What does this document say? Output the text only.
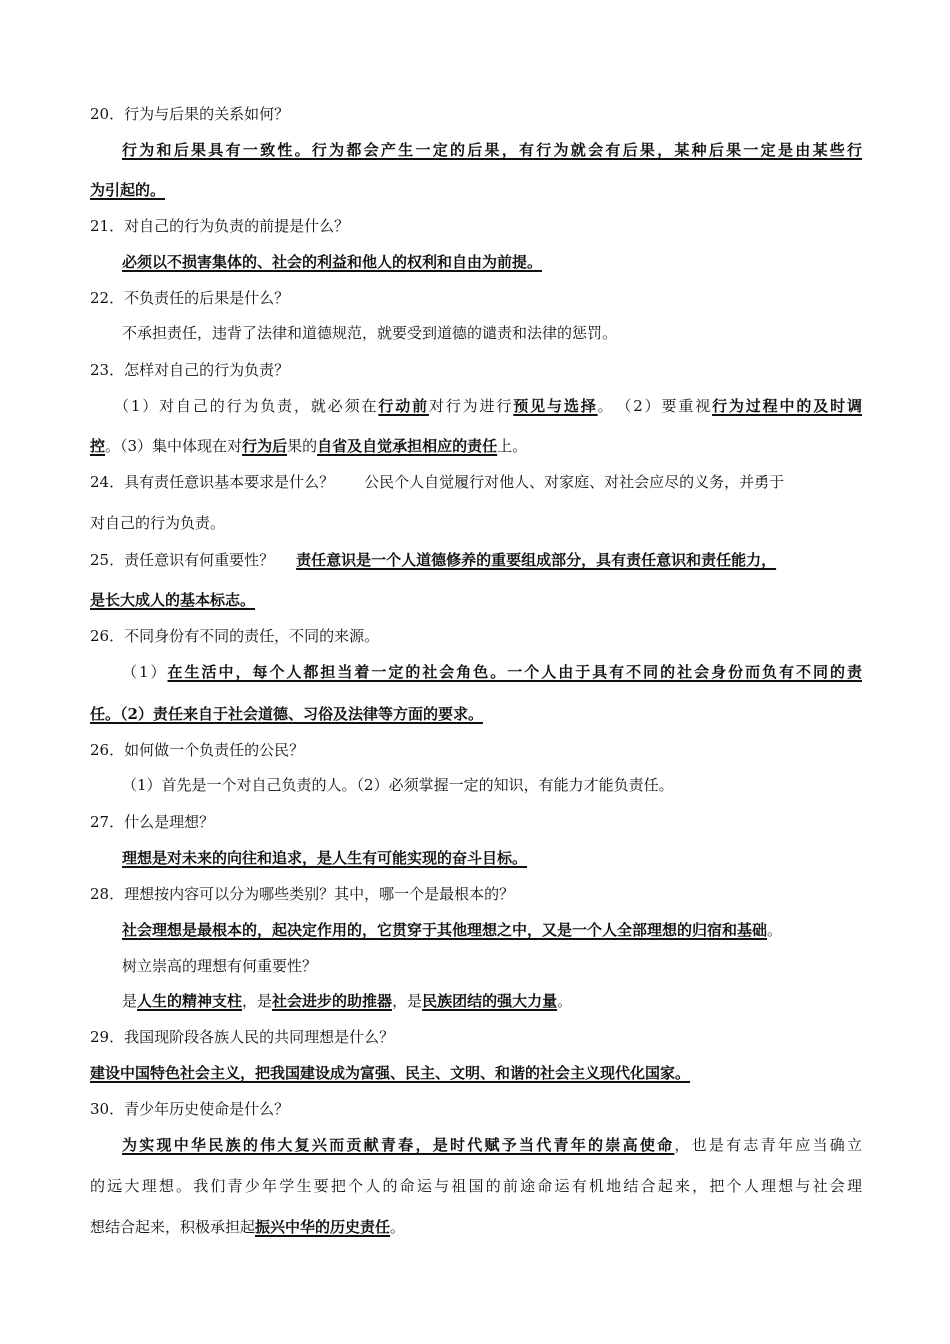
20．行为与后果的关系如何？
行为和后果具有一致性。行为都会产生一定的后果，有行为就会有后果，某种后果一定是由某些行
为引起的。
21．对自己的行为负责的前提是什么？
必须以不损害集体的、社会的利益和他人的权利和自由为前提。
22．不负责任的后果是什么？
不承担责任，违背了法律和道德规范，就要受到道德的谴责和法律的惩罚。
23．怎样对自己的行为负责？
（1）对自己的行为负责，就必须在行动前对行为进行预见与选择。　（2）要重视行为过程中的及时调
控。（3）集中体现在对行为后果的自省及自觉承担相应的责任上。
24．具有责任意识基本要求是什么？ 公民个人自觉履行对他人、对家庭、对社会应尽的义务，并勇于
对自己的行为负责。
25．责任意识有何重要性？ 责任意识是一个人道德修养的重要组成部分，具有责任意识和责任能力，
是长大成人的基本标志。
26．不同身份有不同的责任，不同的来源。
（1）在生活中，每个人都担当着一定的社会角色。一个人由于具有不同的社会身份而负有不同的责
任。（2）责任来自于社会道德、习俗及法律等方面的要求。
26．如何做一个负责任的公民？
（1）首先是一个对自己负责的人。（2）必须掌握一定的知识，有能力才能负责任。
27．什么是理想？
理想是对未来的向往和追求，是人生有可能实现的奋斗目标。
28．理想按内容可以分为哪些类别？其中，哪一个是最根本的？
社会理想是最根本的，起决定作用的，它贯穿于其他理想之中，又是一个人全部理想的归宿和基础。
树立崇高的理想有何重要性？
是人生的精神支柱，是社会进步的助推器，是民族团结的强大力量。
29．我国现阶段各族人民的共同理想是什么？
建设中国特色社会主义，把我国建设成为富强、民主、文明、和谐的社会主义现代化国家。
30．青少年历史使命是什么？
为实现中华民族的伟大复兴而贡献青春，是时代赋予当代青年的崇高使命，也是有志青年应当确立
的远大理想。我们青少年学生要把个人的命运与祖国的前途命运有机地结合起来，把个人理想与社会理
想结合起来，积极承担起振兴中华的历史责任。
